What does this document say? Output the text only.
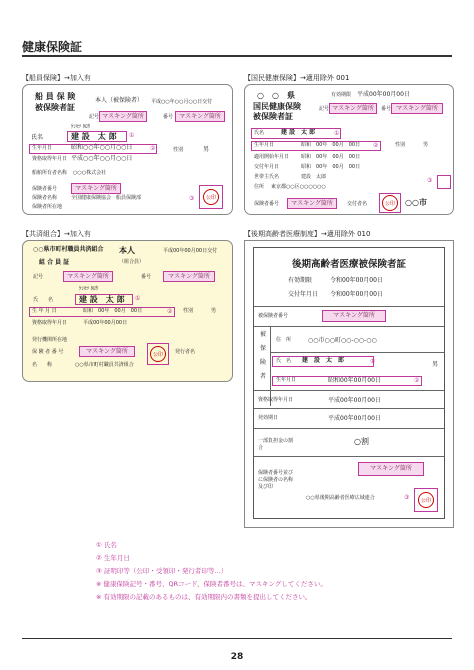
健康保険証
【船員保険】→加入有
船 員 保 険
被保険者証
本人（被保険者） 平成○○年○○月○○日交付
記号 マスキング箇所	番号	マスキング箇所
ｹﾝｾﾂ ﾀﾛｳ
氏名	建 設　太 郎	①
生年月日	昭和○○年○○月○○日	②
資格取得年月日 平成○○年○○月○○日
性別	男
船舶所有者名称 ○○○株式会社
保険者番号	マスキング箇所
保険者名称	全国健康保険協会　船員保険部
保険者所在地
③	公印
【国民健康保険】→適用除外 001
○　○　県	有効期限 平成00年00月00日
国民健康保険
被保険者証
記号 マスキング箇所	番号 マスキング箇所
氏名	建 設　太 郎	①
生年月日	昭和　00年　00月　00日 ②	性別	男
適用開始年月日 昭和　00年　00月　00日
交付年月日	昭和　00年　00月　00日
世帯主氏名	建設　太郎
住所 東京都○○区○○○○○○
③
保険者番号	マスキング箇所	交付者名	○○市
公印
【共済組合】→加入有
○○県市町村職員共済組合 本人
組 合 員 証
平成00年00月00日交付
（組合員）
記号	マスキング箇所	番号	マスキング箇所
ｹﾝｾﾂ ﾀﾛｳ
氏　　名	建 設　太 郎	①
生 年 月 日	昭和　00年　00月　00日	② 性別	男
資格取得年月日	平成00年00月00日
発行機関所在地
保 険 者 番 号	マスキング箇所	公印	発行者名
名　　称	○○県市町村職員共済組合
【後期高齢者医療制度】→適用除外 010
後期高齢者医療被保険者証
有効期限	令和00年00月00日
交付年月日 令和00年00月00日
被保険者番号	マスキング箇所
被
保
険
者
住　所	○○市○○町○○-○○-○○
氏　名 建　設　太　郎	①	男
生年月日	昭和00年00月00日	②
資格取得年月日	平成00年00月00日
発効期日	平成00年00月00日
一部負担金の割合
○割
保険者番号並びに保険者の名称及び印
マスキング箇所
○○県後期高齢者医療広域連合	公印
③
① 氏名
② 生年月日
③ 証明印等（公印・受領印・発行者印等…）
※ 健康保険記号・番号、QRコード、保険者番号は、マスキングしてください。
※ 有効期限の記載のあるものは、有効期限内の書類を提出してください。
28
